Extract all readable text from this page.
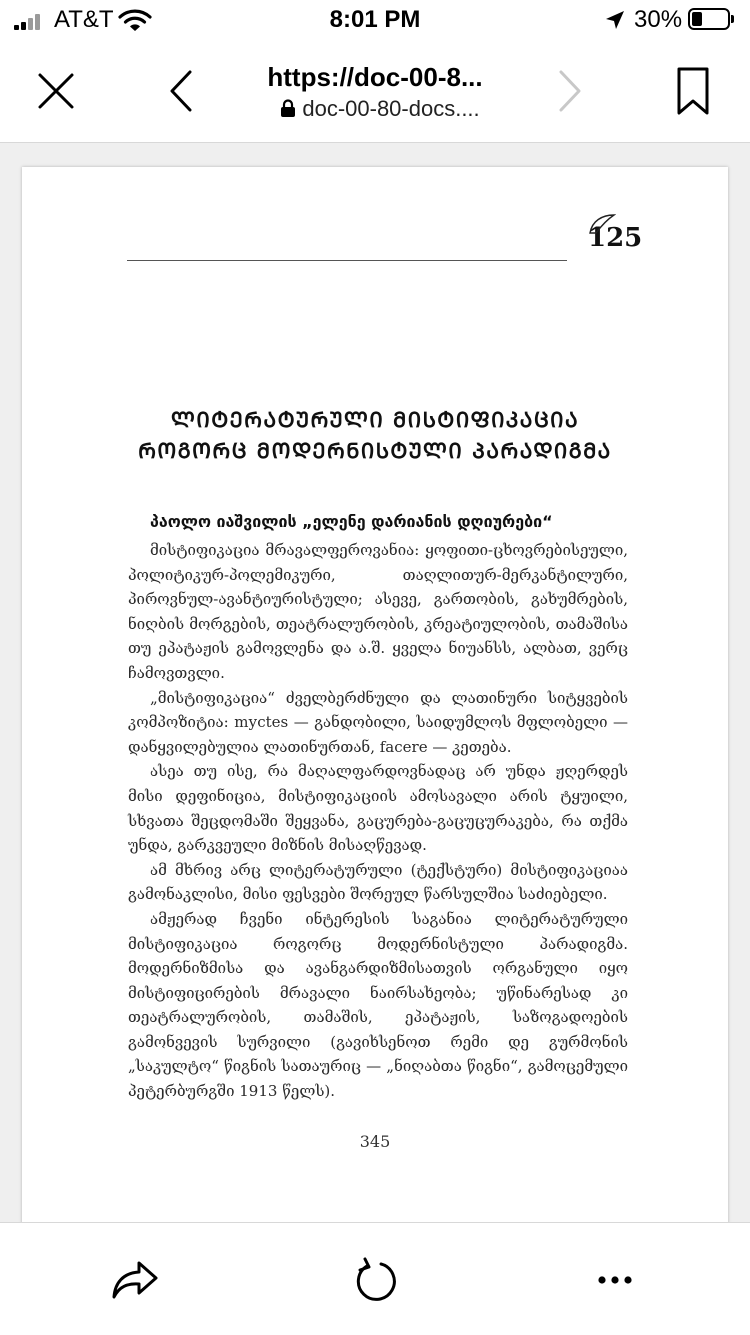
AT&T	8:01 PM	30%
https://doc-00-8...
doc-00-80-docs....
125
ᲚᲘᲢᲔᲠᲐᲢᲣᲠᲣᲚᲘ ᲛᲘᲡᲢᲘᲤᲘᲙᲐᲪᲘᲐ
ᲠᲝᲒᲝᲠᲪ ᲛᲝᲓᲔᲠᲜᲘᲡᲢᲣᲚᲘ ᲞᲐᲠᲐᲓᲘᲒᲛᲐ
პაოლო იაშვილის „ელენე დარიანის დღიურები“

მისტიფიკაცია მრავალფეროვანია: ყოფითი-ცხოვრებისეული, პოლიტიკურ-პოლემიკური, თაღლითურ-მერკანტილური, პიროვნულ-ავანტიურისტული; ასევე, გართობის, გახუმრების, ნიღბის მორგების, თეატრალურობის, კრეატიულობის, თამაშისა თუ ეპატაჟის გამოვლენა და ა.შ. ყველა ნიუანსს, ალბათ, ვერც ჩამოვთვლი.

„მისტიფიკაცია“ ძველბერძნული და ლათინური სიტყვების კომპოზიტია: mуctes — განდობილი, საიდუმლოს მფლობელი — დანყვილებულია ლათინურთან, facere — კეთება.

ასეა თუ ისე, რა მაღალფარდოვნადაც არ უნდა ჟღერდეს მისი დეფინიცია, მისტიფიკაციის ამოსავალი არის ტყუილი, სხვათა შეცდომაში შეყვანა, გაცურება-გაცუცურაკება, რა თქმა უნდა, გარკვეული მიზნის მისაღწევად.

ამ მხრივ არც ლიტერატურული (ტექსტური) მისტიფიკაციაა გამონაკლისი, მისი ფესვები შორეულ წარსულშია საძიებელი.

ამჟერად ჩვენი ინტერესის საგანია ლიტერატურული მისტიფიკაცია როგორც მოდერნისტული პარადიგმა. მოდერნიზმისა და ავანგარდიზმისათვის ორგანული იყო მისტიფიცირების მრავალი ნაირსახეობა; უწინარესად კი თეატრალურობის, თამაშის, ეპატაჟის, საზოგადოების გამონვევის სურვილი (გავიხსენოთ რემი დე გურმონის „საკულტო“ წიგნის სათაურიც — „ნიღაბთა წიგნი“, გამოცემული პეტერბურგში 1913 წელს).

345
